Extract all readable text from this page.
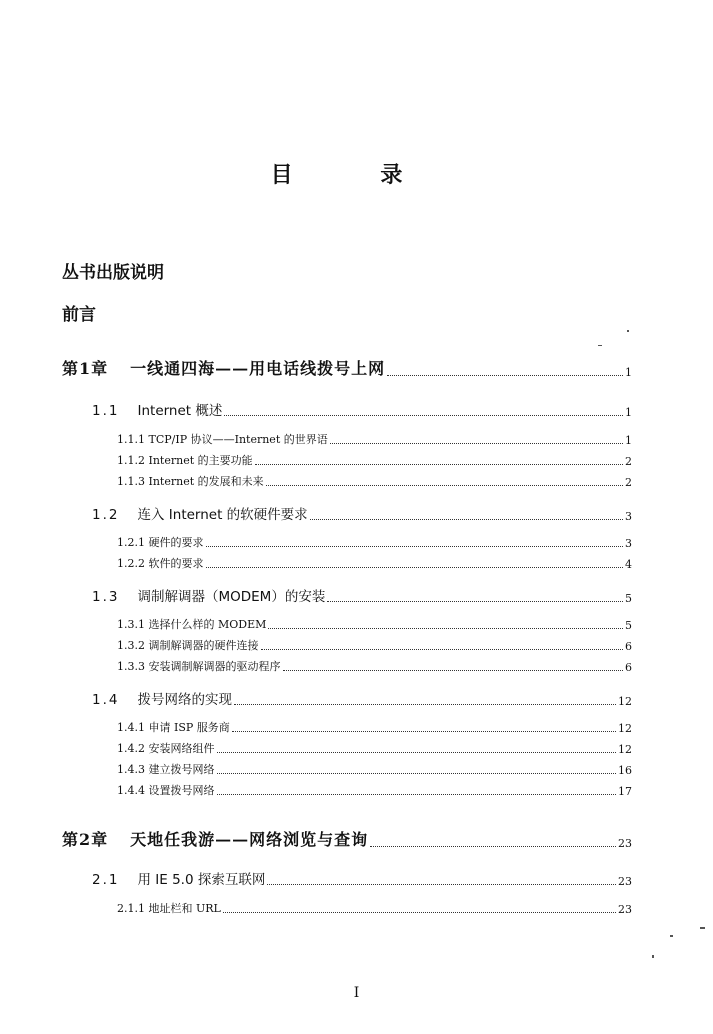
目 录
丛书出版说明
前言
第1章 一线通四海——用电话线拨号上网	1
1.1 Internet 概述	1
1.1.1 TCP/IP 协议——Internet 的世界语	1
1.1.2 Internet 的主要功能	2
1.1.3 Internet 的发展和未来	2
1.2 连入 Internet 的软硬件要求	3
1.2.1 硬件的要求	3
1.2.2 软件的要求	4
1.3 调制解调器（MODEM）的安装	5
1.3.1 选择什么样的 MODEM	5
1.3.2 调制解调器的硬件连接	6
1.3.3 安装调制解调器的驱动程序	6
1.4 拨号网络的实现	12
1.4.1 申请 ISP 服务商	12
1.4.2 安装网络组件	12
1.4.3 建立拨号网络	16
1.4.4 设置拨号网络	17
第2章 天地任我游——网络浏览与查询	23
2.1 用 IE 5.0 探索互联网	23
2.1.1 地址栏和 URL	23
I
